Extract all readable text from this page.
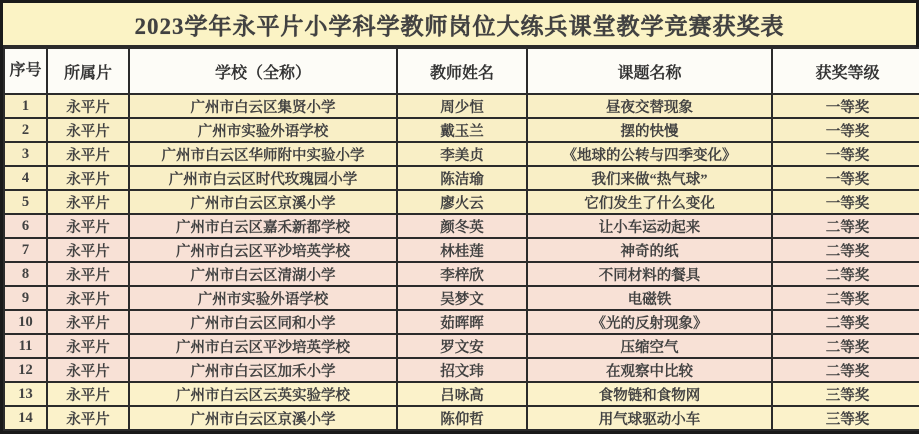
2023学年永平片小学科学教师岗位大练兵课堂教学竞赛获奖表
序号	所属片	学校（全称）	教师姓名	课题名称	获奖等级
1	永平片	广州市白云区集贤小学	周少恒	昼夜交替现象	一等奖
2	永平片	广州市实验外语学校	戴玉兰	摆的快慢	一等奖
3	永平片	广州市白云区华师附中实验小学	李美贞	《地球的公转与四季变化》	一等奖
4	永平片	广州市白云区时代玫瑰园小学	陈洁瑜	我们来做“热气球”	一等奖
5	永平片	广州市白云区京溪小学	廖火云	它们发生了什么变化	一等奖
6	永平片	广州市白云区嘉禾新都学校	颜冬英	让小车运动起来	二等奖
7	永平片	广州市白云区平沙培英学校	林桂莲	神奇的纸	二等奖
8	永平片	广州市白云区清湖小学	李梓欣	不同材料的餐具	二等奖
9	永平片	广州市实验外语学校	吴梦文	电磁铁	二等奖
10	永平片	广州市白云区同和小学	茹晖晖	《光的反射现象》	二等奖
11	永平片	广州市白云区平沙培英学校	罗文安	压缩空气	二等奖
12	永平片	广州市白云区加禾小学	招文玮	在观察中比较	二等奖
13	永平片	广州市白云区云英实验学校	吕咏高	食物链和食物网	三等奖
14	永平片	广州市白云区京溪小学	陈仰哲	用气球驱动小车	三等奖
